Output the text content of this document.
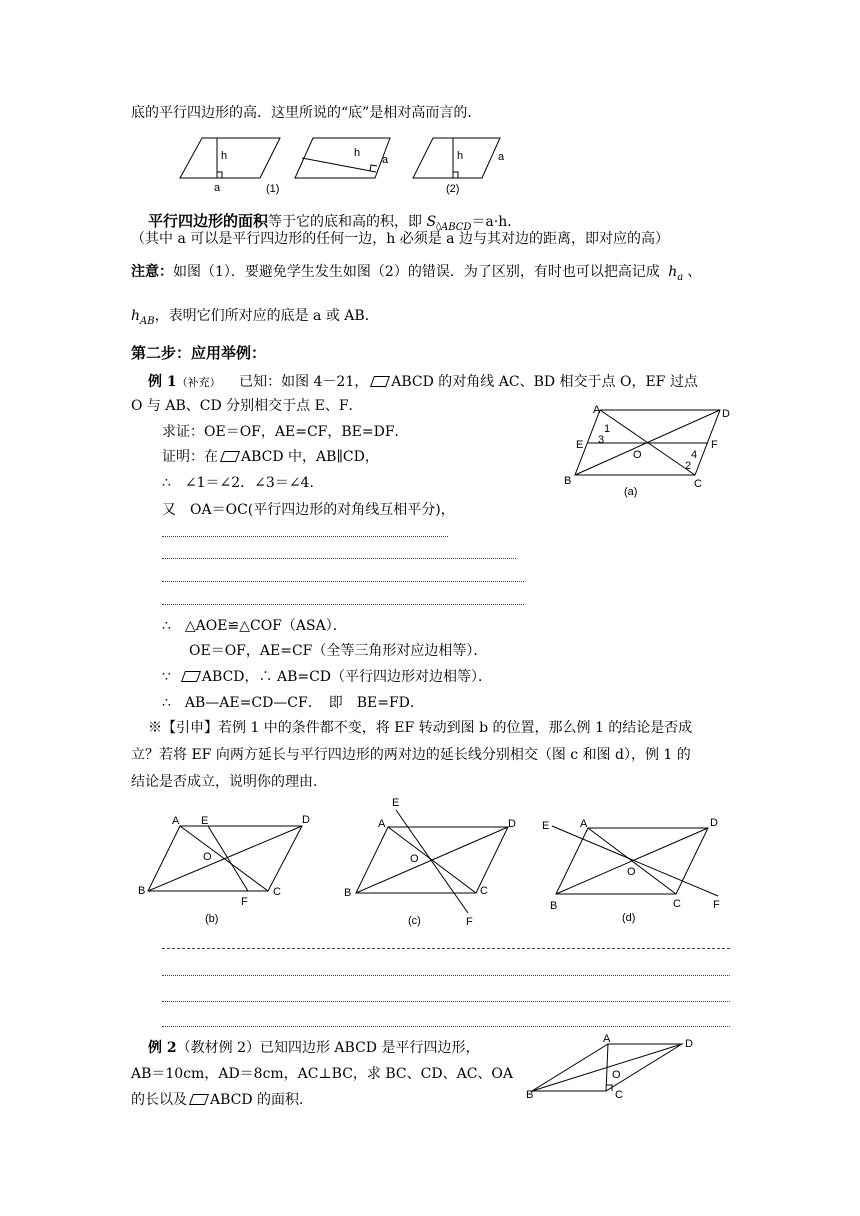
底的平行四边形的高．这里所说的“底”是相对高而言的．
h
a
h
a
(1)
h	a
(2)
平行四边形的面积等于它的底和高的积，即 $S_{◊ABCD}=a\cdot h$．
（其中 a 可以是平行四边形的任何一边，h 必须是 a 边与其对边的距离，即对应的高）
注意：如图（1）．要避免学生发生如图（2）的错误．为了区别，有时也可以把高记成 $h_a$ 、
$h_{AB}$，表明它们所对应的底是 a 或 AB．
第二步：应用举例：
例 1（补充） 已知：如图 4－21， ABCD 的对角线 AC、BD 相交于点 O，EF 过点
O 与 AB、CD 分别相交于点 E、F．
求证：OE＝OF，AE=CF，BE=DF．
证明：在 ABCD 中，AB∥CD，
∴　∠1＝∠2．∠3＝∠4．
又　OA＝OC(平行四边形的对角线互相平分)，
A	D
E	F
B	C
O
1
3
4
2
(a)
∴　△AOE≌△COF（ASA）．
OE＝OF，AE=CF（全等三角形对应边相等）．
∵ ABCD，∴ AB=CD（平行四边形对边相等）．
∴　AB—AE=CD—CF．　即　BE=FD．
※【引申】若例 1 中的条件都不变，将 EF 转动到图 b 的位置，那么例 1 的结论是否成
立？若将 EF 向两方延长与平行四边形的两对边的延长线分别相交（图 c 和图 d），例 1 的
结论是否成立，说明你的理由．
A E	D
O
B	C
F
(b)
E
A	D
O
B	C
F
(c)
E	A	D
O
B	C	F
(d)
例 2（教材例 2）已知四边形 ABCD 是平行四边形，
AB＝10cm，AD＝8cm，AC⊥BC，求 BC、CD、AC、OA
的长以及 ABCD 的面积．
A	D
O
B	C
